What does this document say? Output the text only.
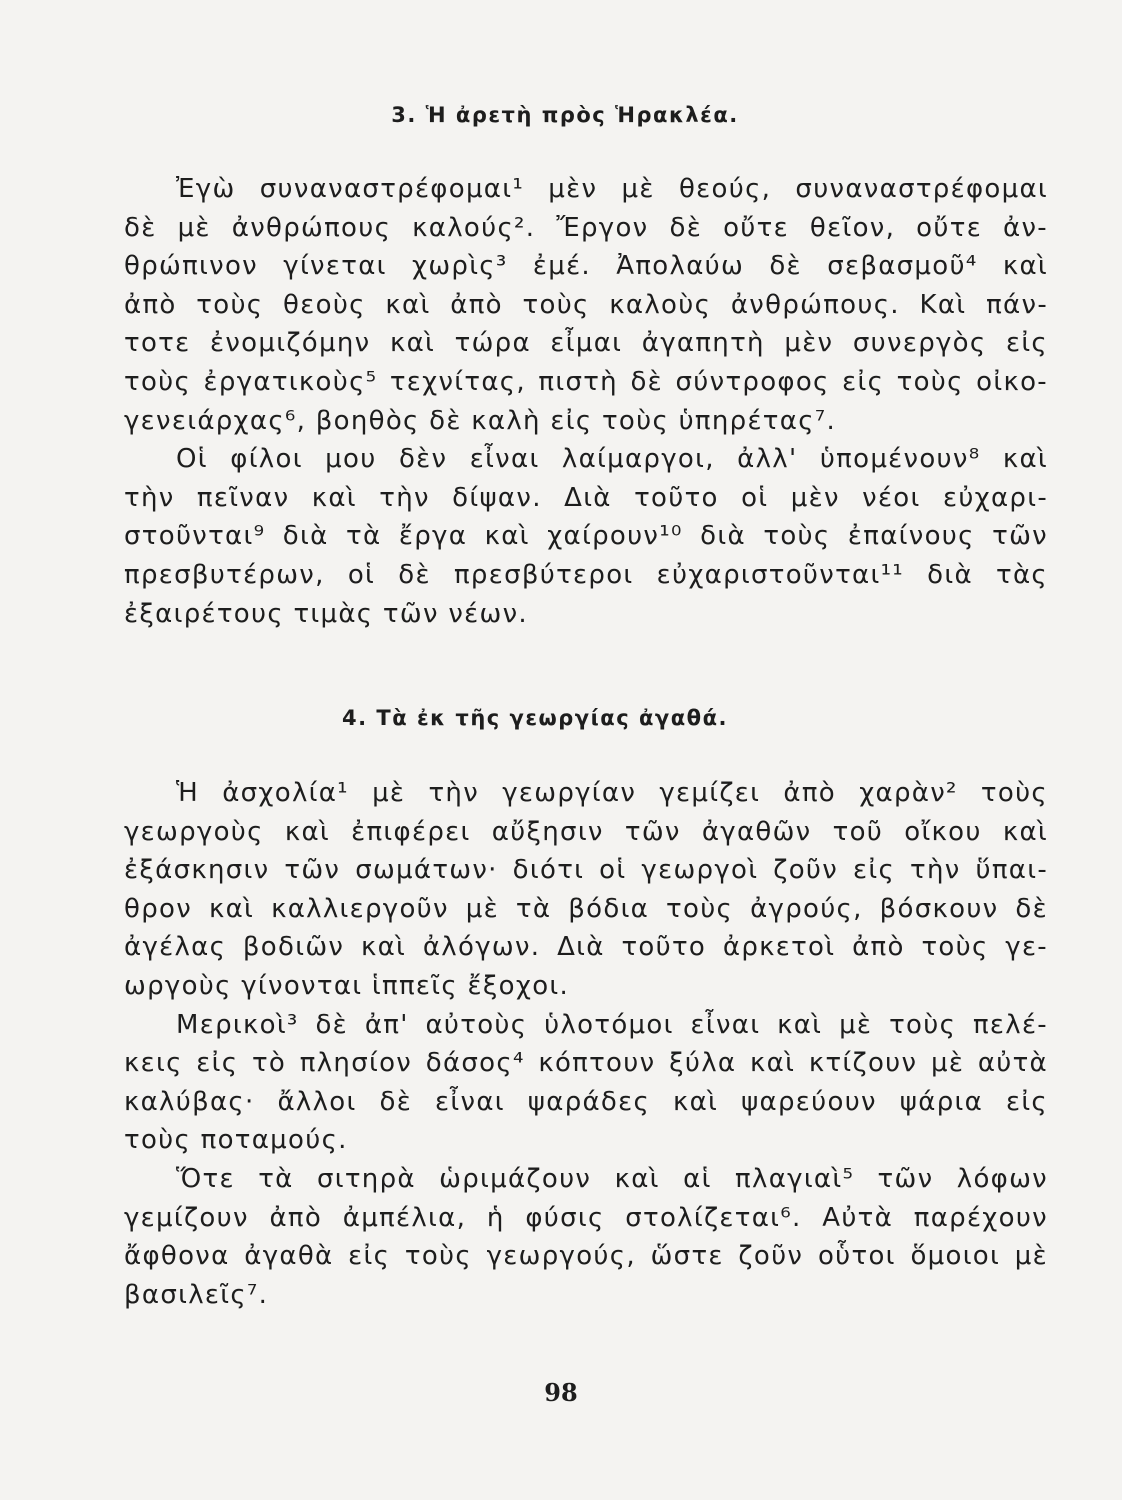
3. Ἡ ἀρετὴ πρὸς Ἡρακλέα.
Ἐγὼ συναναστρέφομαι¹ μὲν μὲ θεούς, συναναστρέφομαι
δὲ μὲ ἀνθρώπους καλούς². Ἔργον δὲ οὔτε θεῖον, οὔτε ἀν-
θρώπινον γίνεται χωρὶς³ ἐμέ. Ἀπολαύω δὲ σεβασμοῦ⁴ καὶ
ἀπὸ τοὺς θεοὺς καὶ ἀπὸ τοὺς καλοὺς ἀνθρώπους. Καὶ πάν-
τοτε ἐνομιζόμην καὶ τώρα εἶμαι ἀγαπητὴ μὲν συνεργὸς εἰς
τοὺς ἐργατικοὺς⁵ τεχνίτας, πιστὴ δὲ σύντροφος εἰς τοὺς οἰκο-
γενειάρχας⁶, βοηθὸς δὲ καλὴ εἰς τοὺς ὑπηρέτας⁷.
Οἱ φίλοι μου δὲν εἶναι λαίμαργοι, ἀλλ' ὑπομένουν⁸ καὶ
τὴν πεῖναν καὶ τὴν δίψαν. Διὰ τοῦτο οἱ μὲν νέοι εὐχαρι-
στοῦνται⁹ διὰ τὰ ἔργα καὶ χαίρουν¹⁰ διὰ τοὺς ἐπαίνους τῶν
πρεσβυτέρων, οἱ δὲ πρεσβύτεροι εὐχαριστοῦνται¹¹ διὰ τὰς
ἐξαιρέτους τιμὰς τῶν νέων.
4. Τὰ ἐκ τῆς γεωργίας ἀγαθά.
Ἡ ἀσχολία¹ μὲ τὴν γεωργίαν γεμίζει ἀπὸ χαρὰν² τοὺς
γεωργοὺς καὶ ἐπιφέρει αὔξησιν τῶν ἀγαθῶν τοῦ οἴκου καὶ
ἐξάσκησιν τῶν σωμάτων· διότι οἱ γεωργοὶ ζοῦν εἰς τὴν ὕπαι-
θρον καὶ καλλιεργοῦν μὲ τὰ βόδια τοὺς ἀγρούς, βόσκουν δὲ
ἀγέλας βοδιῶν καὶ ἀλόγων. Διὰ τοῦτο ἀρκετοὶ ἀπὸ τοὺς γε-
ωργοὺς γίνονται ἱππεῖς ἔξοχοι.
Μερικοὶ³ δὲ ἀπ' αὐτοὺς ὑλοτόμοι εἶναι καὶ μὲ τοὺς πελέ-
κεις εἰς τὸ πλησίον δάσος⁴ κόπτουν ξύλα καὶ κτίζουν μὲ αὐτὰ
καλύβας· ἄλλοι δὲ εἶναι ψαράδες καὶ ψαρεύουν ψάρια εἰς
τοὺς ποταμούς.
Ὅτε τὰ σιτηρὰ ὡριμάζουν καὶ αἱ πλαγιαὶ⁵ τῶν λόφων
γεμίζουν ἀπὸ ἀμπέλια, ἡ φύσις στολίζεται⁶. Αὐτὰ παρέχουν
ἄφθονα ἀγαθὰ εἰς τοὺς γεωργούς, ὥστε ζοῦν οὗτοι ὅμοιοι μὲ
βασιλεῖς⁷.
98
